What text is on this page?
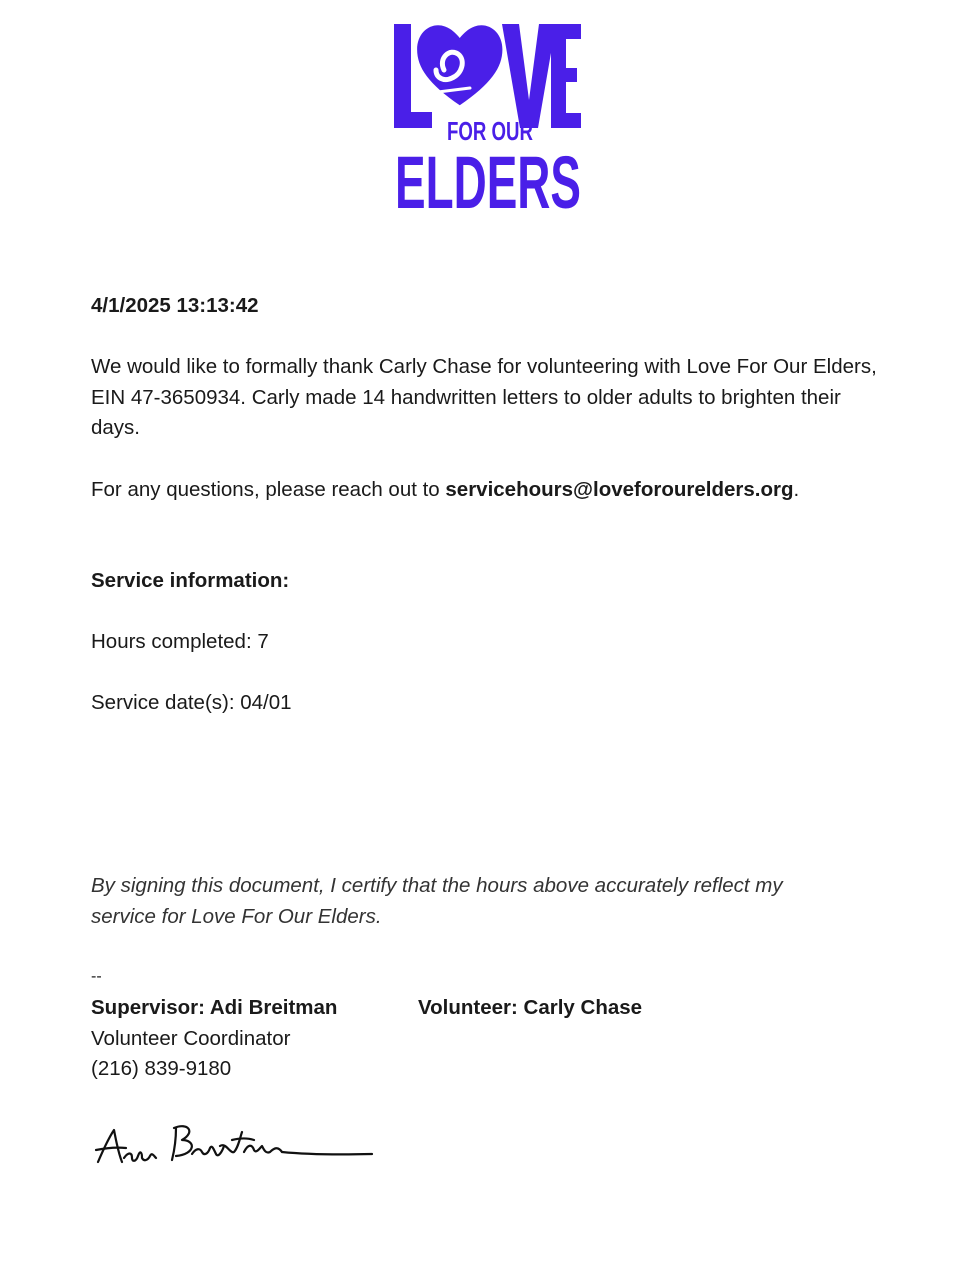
FOR OUR
ELDERS
4/1/2025 13:13:42
We would like to formally thank Carly Chase for volunteering with Love For Our Elders, EIN 47-3650934. Carly made 14 handwritten letters to older adults to brighten their days.
For any questions, please reach out to servicehours@loveforourelders.org.
Service information:
Hours completed: 7
Service date(s): 04/01
By signing this document, I certify that the hours above accurately reflect my service for Love For Our Elders.
--
Supervisor: Adi Breitman
Volunteer Coordinator
(216) 839-9180
Volunteer: Carly Chase
